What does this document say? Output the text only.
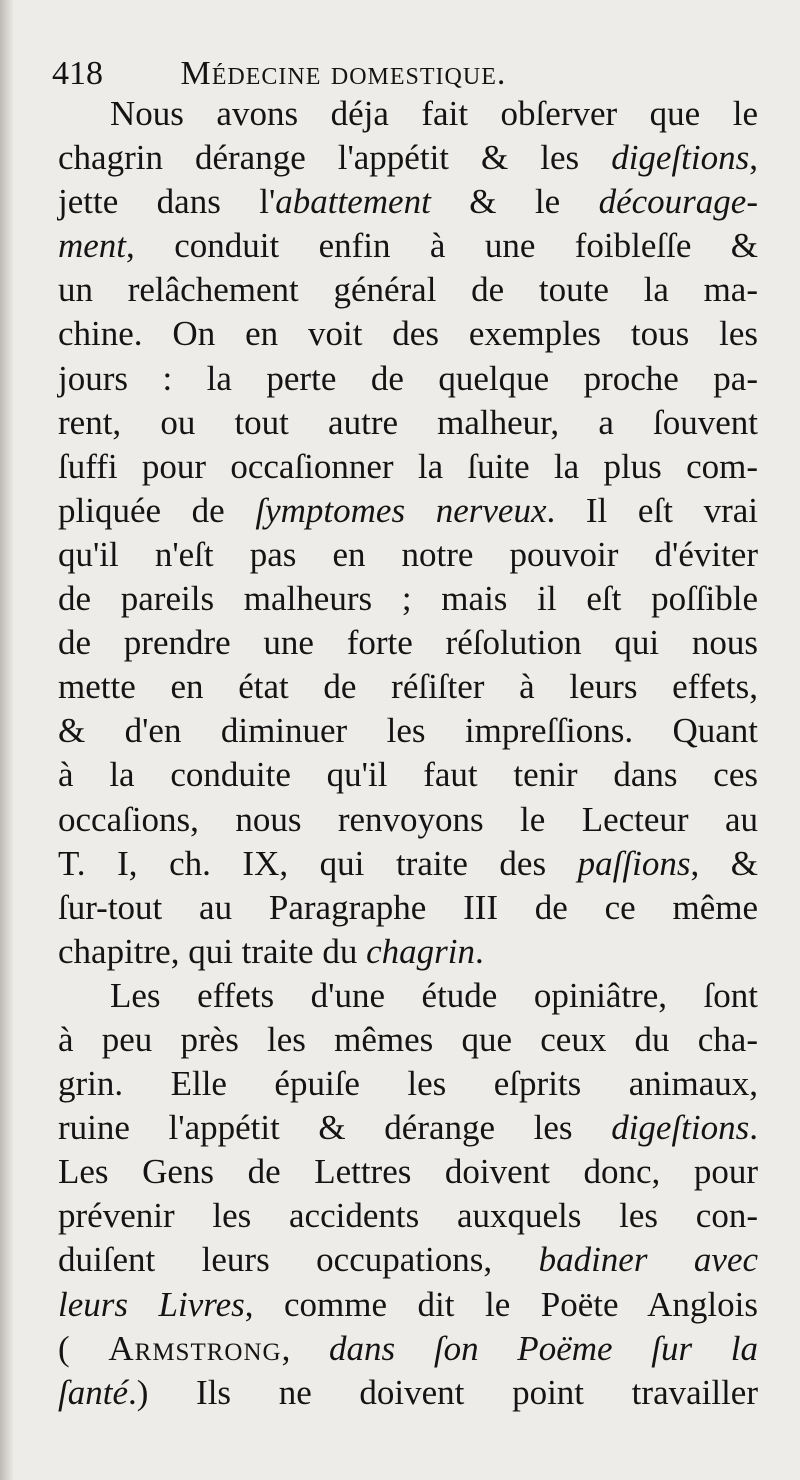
418 Médecine domestique.
Nous avons déja fait obſerver que le
chagrin dérange l'appétit & les digeſtions,
jette dans l'abattement & le décourage-
ment, conduit enfin à une foibleſſe &
un relâchement général de toute la ma-
chine. On en voit des exemples tous les
jours : la perte de quelque proche pa-
rent, ou tout autre malheur, a ſouvent
ſuffi pour occaſionner la ſuite la plus com-
pliquée de ſymptomes nerveux. Il eſt vrai
qu'il n'eſt pas en notre pouvoir d'éviter
de pareils malheurs ; mais il eſt poſſible
de prendre une forte réſolution qui nous
mette en état de réſiſter à leurs effets,
& d'en diminuer les impreſſions. Quant
à la conduite qu'il faut tenir dans ces
occaſions, nous renvoyons le Lecteur au
T. I, ch. IX, qui traite des paſſions, &
ſur-tout au Paragraphe III de ce même
chapitre, qui traite du chagrin.
Les effets d'une étude opiniâtre, ſont
à peu près les mêmes que ceux du cha-
grin. Elle épuiſe les eſprits animaux,
ruine l'appétit & dérange les digeſtions.
Les Gens de Lettres doivent donc, pour
prévenir les accidents auxquels les con-
duiſent leurs occupations, badiner avec
leurs Livres, comme dit le Poëte Anglois
( Armstrong, dans ſon Poëme ſur la
ſanté.) Ils ne doivent point travailler
